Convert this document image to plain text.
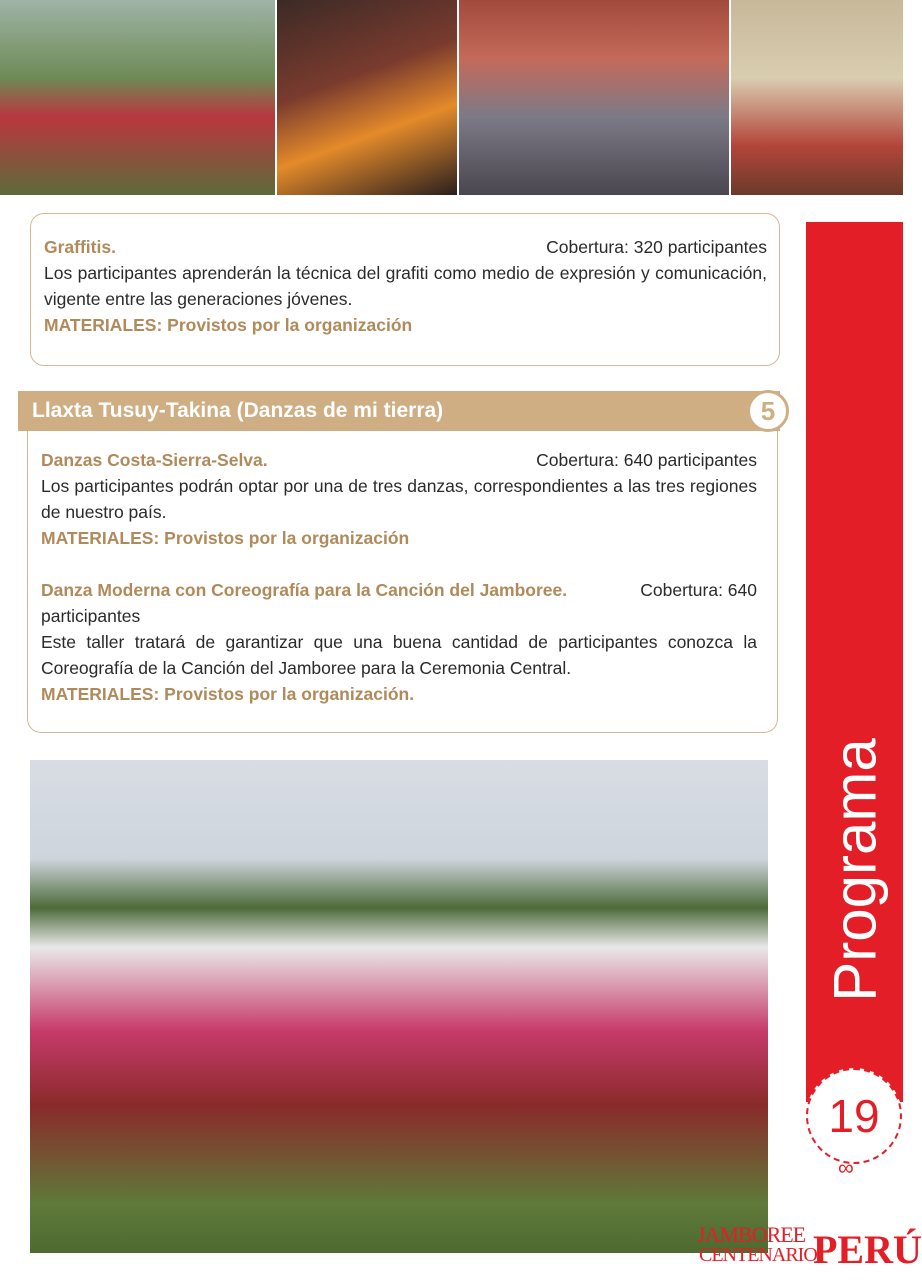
Graffitis.	Cobertura: 320 participantes
Los participantes aprenderán la técnica del grafiti como medio de expresión y comunicación, vigente entre las generaciones jóvenes.
MATERIALES: Provistos por la organización
Llaxta Tusuy-Takina (Danzas de mi tierra)	5
Danzas Costa-Sierra-Selva.	Cobertura: 640 participantes
Los participantes podrán optar por una de tres danzas, correspondientes a las tres regiones de nuestro país.
MATERIALES: Provistos por la organización
Danza Moderna con Coreografía para la Canción del Jamboree.	Cobertura: 640
participantes
Este taller tratará de garantizar que una buena cantidad de participantes conozca la Coreografía de la Canción del Jamboree para la Ceremonia Central.
MATERIALES: Provistos por la organización.
Programa
19
∞
JAMBOREE
CENTENARIO
PERÚ
